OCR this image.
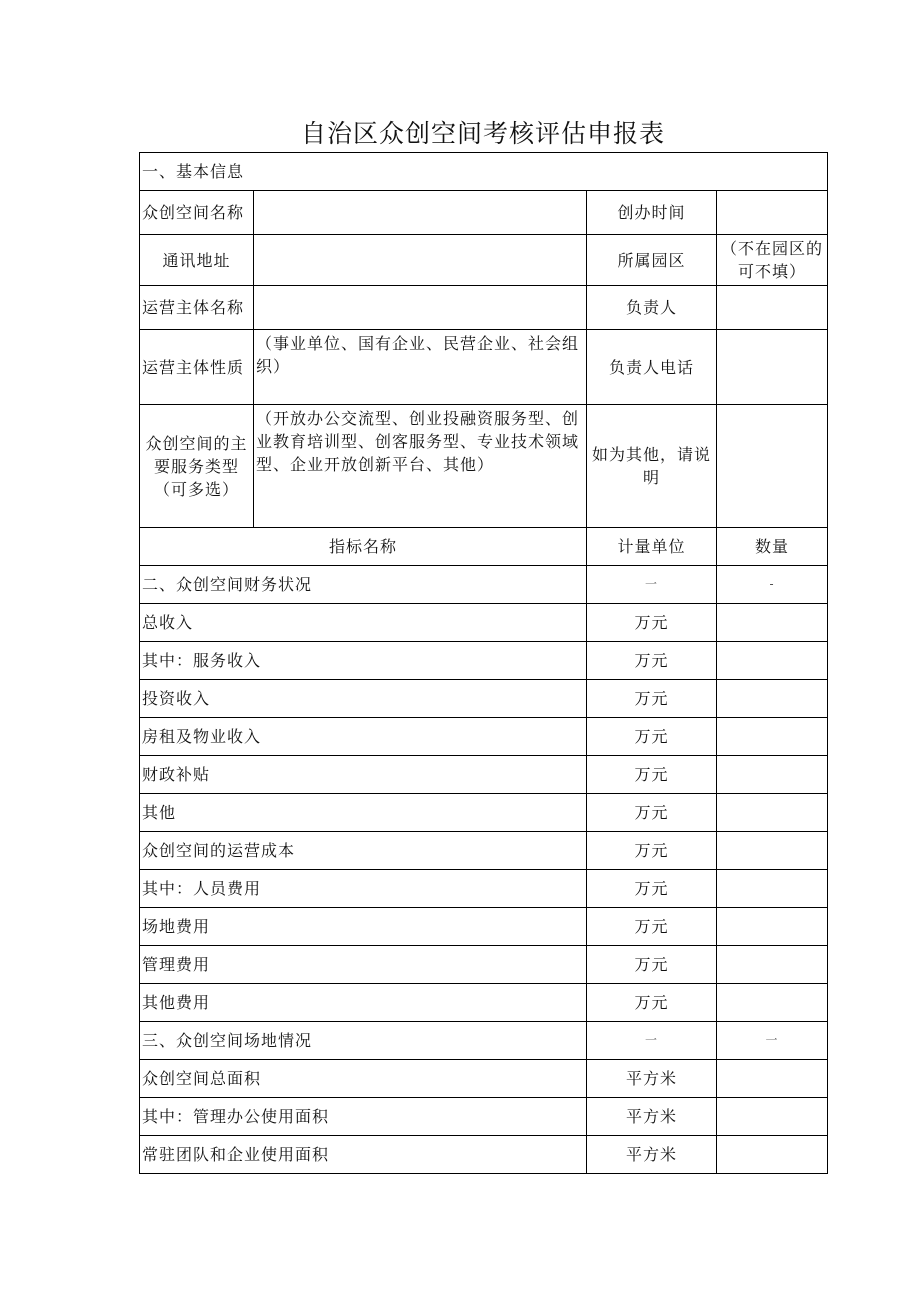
自治区众创空间考核评估申报表
一、基本信息			
众创空间名称		创办时间	
通讯地址		所属园区	（不在园区的可不填）
运营主体名称		负责人	
运营主体性质	（事业单位、国有企业、民营企业、社会组织）	负责人电话	
众创空间的主要服务类型（可多选）	（开放办公交流型、创业投融资服务型、创业教育培训型、创客服务型、专业技术领域型、企业开放创新平台、其他）	如为其他，请说明	
指标名称		计量单位	数量
二、众创空间财务状况		一	-
总收入		万元	
其中：服务收入		万元	
投资收入		万元	
房租及物业收入		万元	
财政补贴		万元	
其他		万元	
众创空间的运营成本		万元	
其中：人员费用		万元	
场地费用		万元	
管理费用		万元	
其他费用		万元	
三、众创空间场地情况		一	一
众创空间总面积		平方米	
其中：管理办公使用面积		平方米	
常驻团队和企业使用面积		平方米	
